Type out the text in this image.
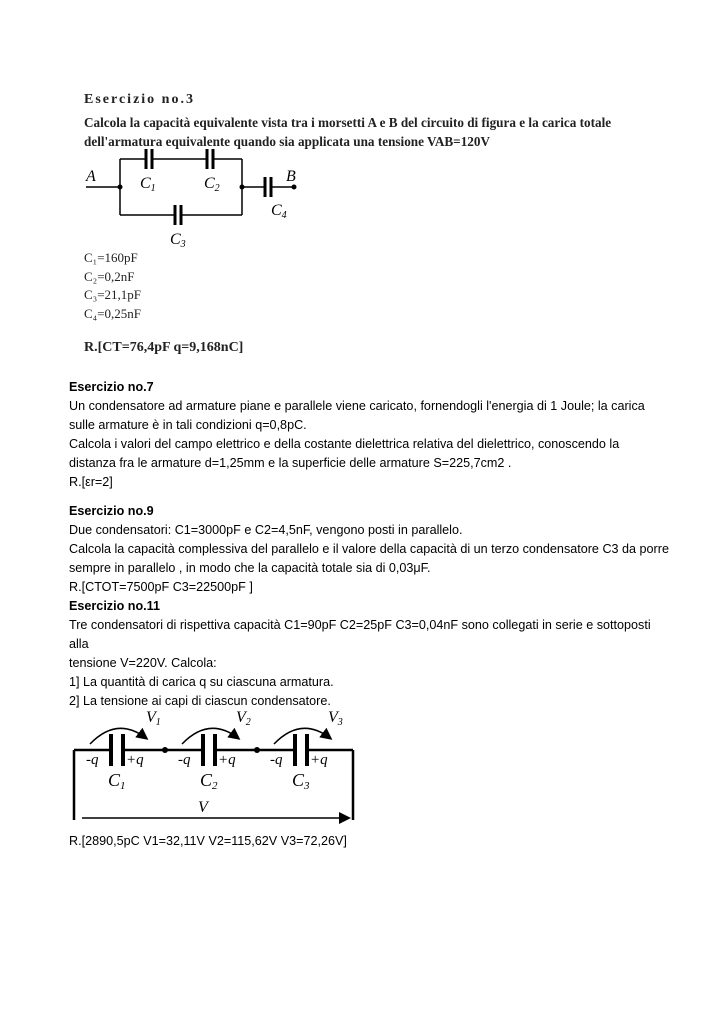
Esercizio no.3
Calcola la capacità equivalente vista tra i morsetti A e B del circuito di figura e la carica totale
dell'armatura equivalente quando sia applicata una tensione VAB=120V
A	B
C1	C2
C3
C4
C₁=160pF
C₂=0,2nF
C₃=21,1pF
C₄=0,25nF
R.[CT=76,4pF q=9,168nC]
Esercizio no.7
Un condensatore ad armature piane e parallele viene caricato, fornendogli l'energia di 1 Joule; la carica
sulle armature è in tali condizioni q=0,8pC.
Calcola i valori del campo elettrico e della costante dielettrica relativa del dielettrico, conoscendo la
distanza fra le armature d=1,25mm e la superficie delle armature S=225,7cm2 .
R.[εr=2]
Esercizio no.9
Due condensatori: C1=3000pF e C2=4,5nF, vengono posti in parallelo.
Calcola la capacità complessiva del parallelo e il valore della capacità di un terzo condensatore C3 da porre
sempre in parallelo , in modo che la capacità totale sia di 0,03μF.
R.[CTOT=7500pF C3=22500pF ]
Esercizio no.11
Tre condensatori di rispettiva capacità C1=90pF C2=25pF C3=0,04nF sono collegati in serie e sottoposti alla
tensione V=220V. Calcola:
1] La quantità di carica q su ciascuna armatura.
2] La tensione ai capi di ciascun condensatore.
V1	V2	V3
-q +q -q +q -q +q
C1	C2	C3
V
R.[2890,5pC V1=32,11V V2=115,62V V3=72,26V]
